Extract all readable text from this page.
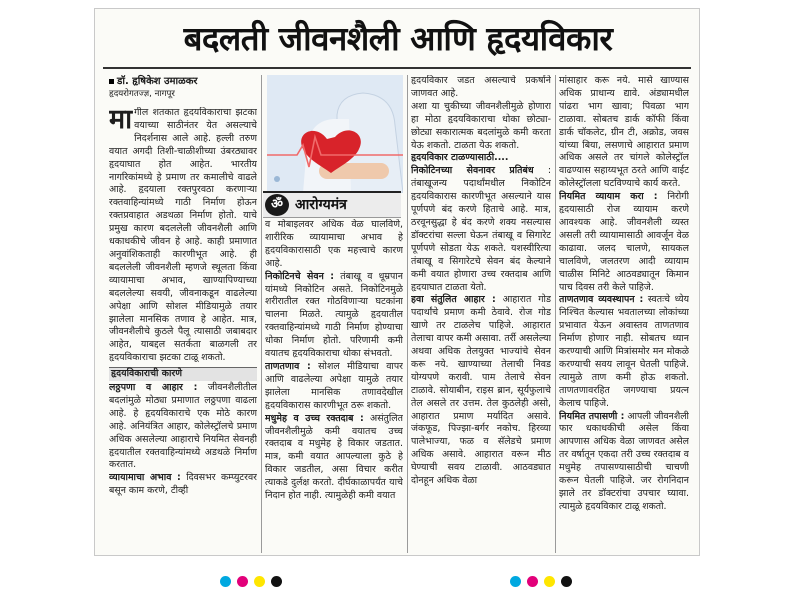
बदलती जीवनशैली आणि हृदयविकार
डॉ. हृषिकेश उमाळकर
हृदयरोगतज्ज्ञ, नागपूर
ॐ आरोग्यमंत्र

मागील शतकात हृदयविकाराचा झटका वयाच्या साठीनंतर येत असल्याचे निदर्शनास आले आहे. हल्ली तरुण वयात अगदी तिशी-चाळीशीच्या उंबरठ्यावर हृदयाघात होत आहेत. भारतीय नागरिकांमध्ये हे प्रमाण तर कमालीचे वाढले आहे. हृदयाला रक्तपुरवठा करणाऱ्या रक्तवाहिन्यांमध्ये गाठी निर्माण होऊन रक्तप्रवाहात अडथळा निर्माण होतो. याचे प्रमुख कारण बदललेली जीवनशैली आणि धकाधकीचे जीवन हे आहे. काही प्रमाणात अनुवांशिकताही कारणीभूत आहे. ही बदललेली जीवनशैली म्हणजे स्थूलता किंवा व्यायामाचा अभाव, खाण्यापिण्याच्या बदललेल्या सवयी, जीवनाकडून वाढलेल्या अपेक्षा आणि सोशल मीडियामुळे तयार झालेला मानसिक तणाव हे आहेत. मात्र, जीवनशैलीचे कुठले पैलू त्यासाठी जबाबदार आहेत, याबद्दल सतर्कता बाळगली तर हृदयविकाराचा झटका टाळू शकतो.

हृदयविकाराची कारणे

लठ्ठपणा व आहार : जीवनशैलीतील बदलांमुळे मोठ्या प्रमाणात लठ्ठपणा वाढला आहे. हे हृदयविकाराचे एक मोठे कारण आहे. अनियंत्रित आहार, कोलेस्ट्रॉलचे प्रमाण अधिक असलेल्या आहाराचे नियमित सेवनही हृदयातील रक्तवाहिन्यांमध्ये अडथळे निर्माण करतात.

व्यायामाचा अभाव : दिवसभर कम्प्युटरवर बसून काम करणे, टीव्ही

व मोबाइलवर अधिक वेळ घालविणे, शारीरिक व्यायामाचा अभाव हे हृदयविकारासाठी एक महत्त्वाचे कारण आहे.

निकोटिनचे सेवन : तंबाखू व धूम्रपान यांमध्ये निकोटिन असते. निकोटिनमुळे शरीरातील रक्त गोठविणाऱ्या घटकांना चालना मिळते. त्यामुळे हृदयातील रक्तवाहिन्यांमध्ये गाठी निर्माण होण्याचा धोका निर्माण होतो. परिणामी कमी वयातच हृदयविकाराचा धोका संभवतो.

ताणतणाव : सोशल मीडियाचा वापर आणि वाढलेल्या अपेक्षा यामुळे तयार झालेला मानसिक तणावदेखील हृदयविकारास कारणीभूत ठरू शकतो.

मधुमेह व उच्च रक्तदाब : असंतुलित जीवनशैलीमुळे कमी वयातच उच्च रक्तदाब व मधुमेह हे विकार जडतात. मात्र, कमी वयात आपल्याला कुठे हे विकार जडतील, असा विचार करीत त्याकडे दुर्लक्ष करतो. दीर्घकाळापर्यंत याचे निदान होत नाही. त्यामुळेही कमी वयात

हृदयविकार जडत असल्याचे प्रकर्षाने जाणवत आहे.

अशा या चुकीच्या जीवनशैलीमुळे होणारा हा मोठा हृदयविकाराचा धोका छोट्या-छोट्या सकारात्मक बदलांमुळे कमी करता येऊ शकतो. टाळता येऊ शकतो.

हृदयविकार टाळण्यासाठी....

निकोटिनच्या सेवनावर प्रतिबंध : तंबाखूजन्य पदार्थांमधील निकोटिन हृदयविकारास कारणीभूत असल्याने यास पूर्णपणे बंद करणे हिताचे आहे. मात्र, ठरवूनसुद्धा हे बंद करणे शक्य नसल्यास डॉक्टरांचा सल्ला घेऊन तंबाखू व सिगारेट पूर्णपणे सोडता येऊ शकते. यशस्वीरित्या तंबाखू व सिगारेटचे सेवन बंद केल्याने कमी वयात होणारा उच्च रक्तदाब आणि हृदयाघात टाळता येतो.

हवा संतुलित आहार : आहारात गोड पदार्थांचे प्रमाण कमी ठेवावे. रोज गोड खाणे तर टाळलेच पाहिजे. आहारात तेलाचा वापर कमी असावा. तर्री असलेल्या अथवा अधिक तेलयुक्त भाज्यांचे सेवन करू नये. खाण्याच्या तेलाची निवड योग्यपणे करावी. पाम तेलाचे सेवन टाळावे. सोयाबीन, राइस ब्रान, सूर्यफुलाचे तेल असले तर उत्तम. तेल कुठलेही असो, आहारात प्रमाण मर्यादित असावे. जंकफूड, पिज्झा-बर्गर नकोच. हिरव्या पालेभाज्या, फळ व सॅलेडचे प्रमाण अधिक असावे. आहारात वरून मीठ घेण्याची सवय टाळावी. आठवड्यात दोनहून अधिक वेळा

मांसाहार करू नये. मासे खाण्यास अधिक प्राधान्य द्यावे. अंड्यामधील पांढरा भाग खावा; पिवळा भाग टाळावा. सोबतच डार्क कॉफी किंवा डार्क चॉकलेट, ग्रीन टी, अक्रोड, जवस यांच्या बिया, लसणाचे आहारात प्रमाण अधिक असले तर चांगले कोलेस्ट्रॉल वाढण्यास सहाय्यभूत ठरते आणि वाईट कोलेस्ट्रॉलला घटविण्याचे कार्य करते.

नियमित व्यायाम करा : निरोगी हृदयासाठी रोज व्यायाम करणे आवश्यक आहे. जीवनशैली व्यस्त असली तरी व्यायामासाठी आवर्जून वेळ काढावा. जलद चालणे, सायकल चालविणे, जलतरण आदी व्यायाम चाळीस मिनिटे आठवड्यातून किमान पाच दिवस तरी केले पाहिजे.

ताणतणाव व्यवस्थापन : स्वतःचे ध्येय निश्चित केल्यास भवतालच्या लोकांच्या प्रभावात येऊन अवास्तव ताणतणाव निर्माण होणार नाही. सोबतच ध्यान करण्याची आणि मित्रांसमोर मन मोकळे करण्याची सवय लावून घेतली पाहिजे. त्यामुळे ताण कमी होऊ शकतो. ताणतणावरहित जगण्याचा प्रयत्न केलाच पाहिजे.

नियमित तपासणी : आपली जीवनशैली फार धकाधकीची असेल किंवा आपणास अधिक वेळा जाणवत असेल तर वर्षातून एकदा तरी उच्च रक्तदाब व मधुमेह तपासण्यासाठीची चाचणी करून घेतली पाहिजे. जर रोगनिदान झाले तर डॉक्टरांचा उपचार घ्यावा. त्यामुळे हृदयविकार टाळू शकतो.
